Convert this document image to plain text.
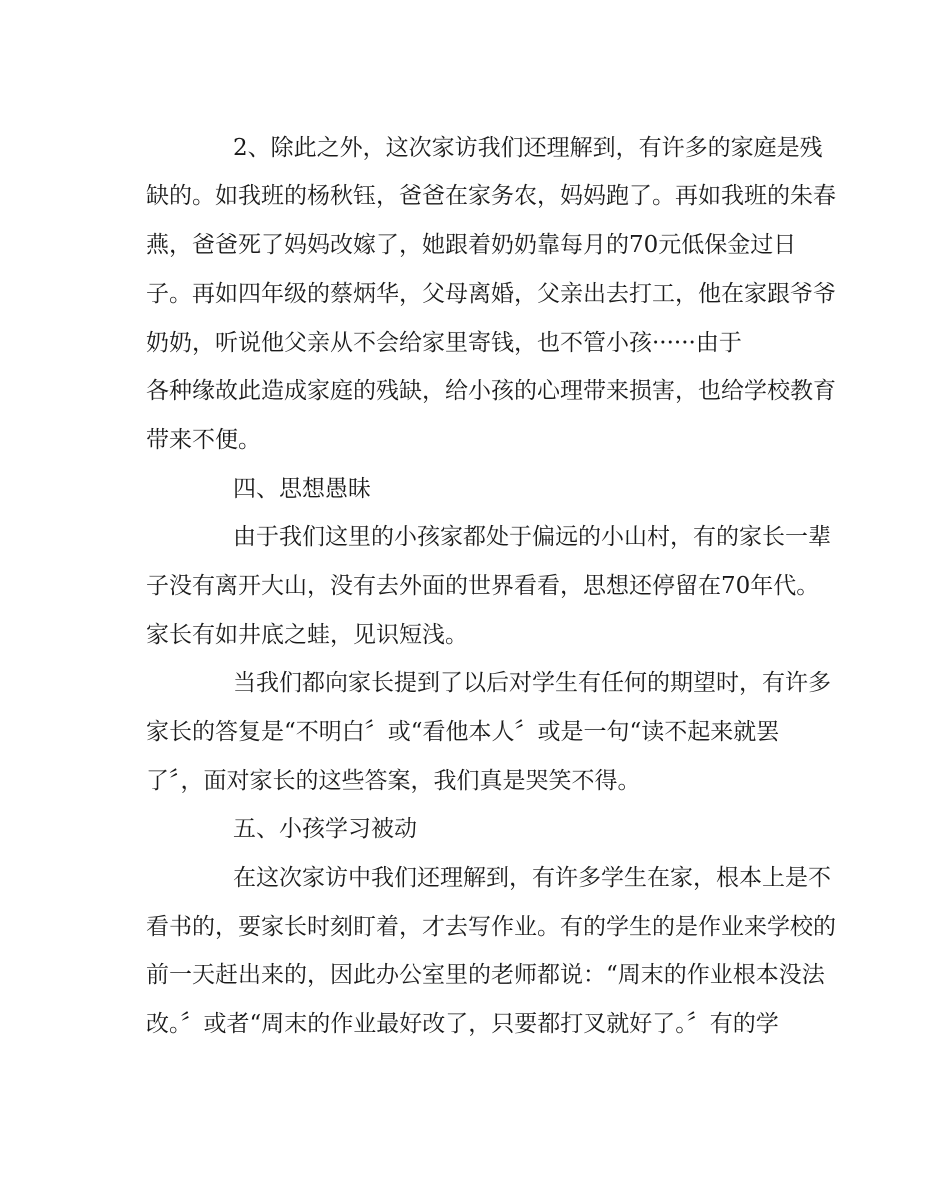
2、除此之外，这次家访我们还理解到，有许多的家庭是残

缺的。如我班的杨秋钰，爸爸在家务农，妈妈跑了。再如我班的朱春

燕，爸爸死了妈妈改嫁了，她跟着奶奶靠每月的70元低保金过日

子。再如四年级的蔡炳华，父母离婚，父亲出去打工，他在家跟爷爷

奶奶，听说他父亲从不会给家里寄钱，也不管小孩······由于

各种缘故此造成家庭的残缺，给小孩的心理带来损害，也给学校教育

带来不便。

四、思想愚昧

由于我们这里的小孩家都处于偏远的小山村，有的家长一辈

子没有离开大山，没有去外面的世界看看，思想还停留在70年代。

家长有如井底之蛙，见识短浅。

当我们都向家长提到了以后对学生有任何的期望时，有许多

家长的答复是“不明白〞或“看他本人〞或是一句“读不起来就罢

了〞，面对家长的这些答案，我们真是哭笑不得。

五、小孩学习被动

在这次家访中我们还理解到，有许多学生在家，根本上是不

看书的，要家长时刻盯着，才去写作业。有的学生的是作业来学校的

前一天赶出来的，因此办公室里的老师都说：“周末的作业根本没法

改。〞或者“周末的作业最好改了，只要都打叉就好了。〞有的学
